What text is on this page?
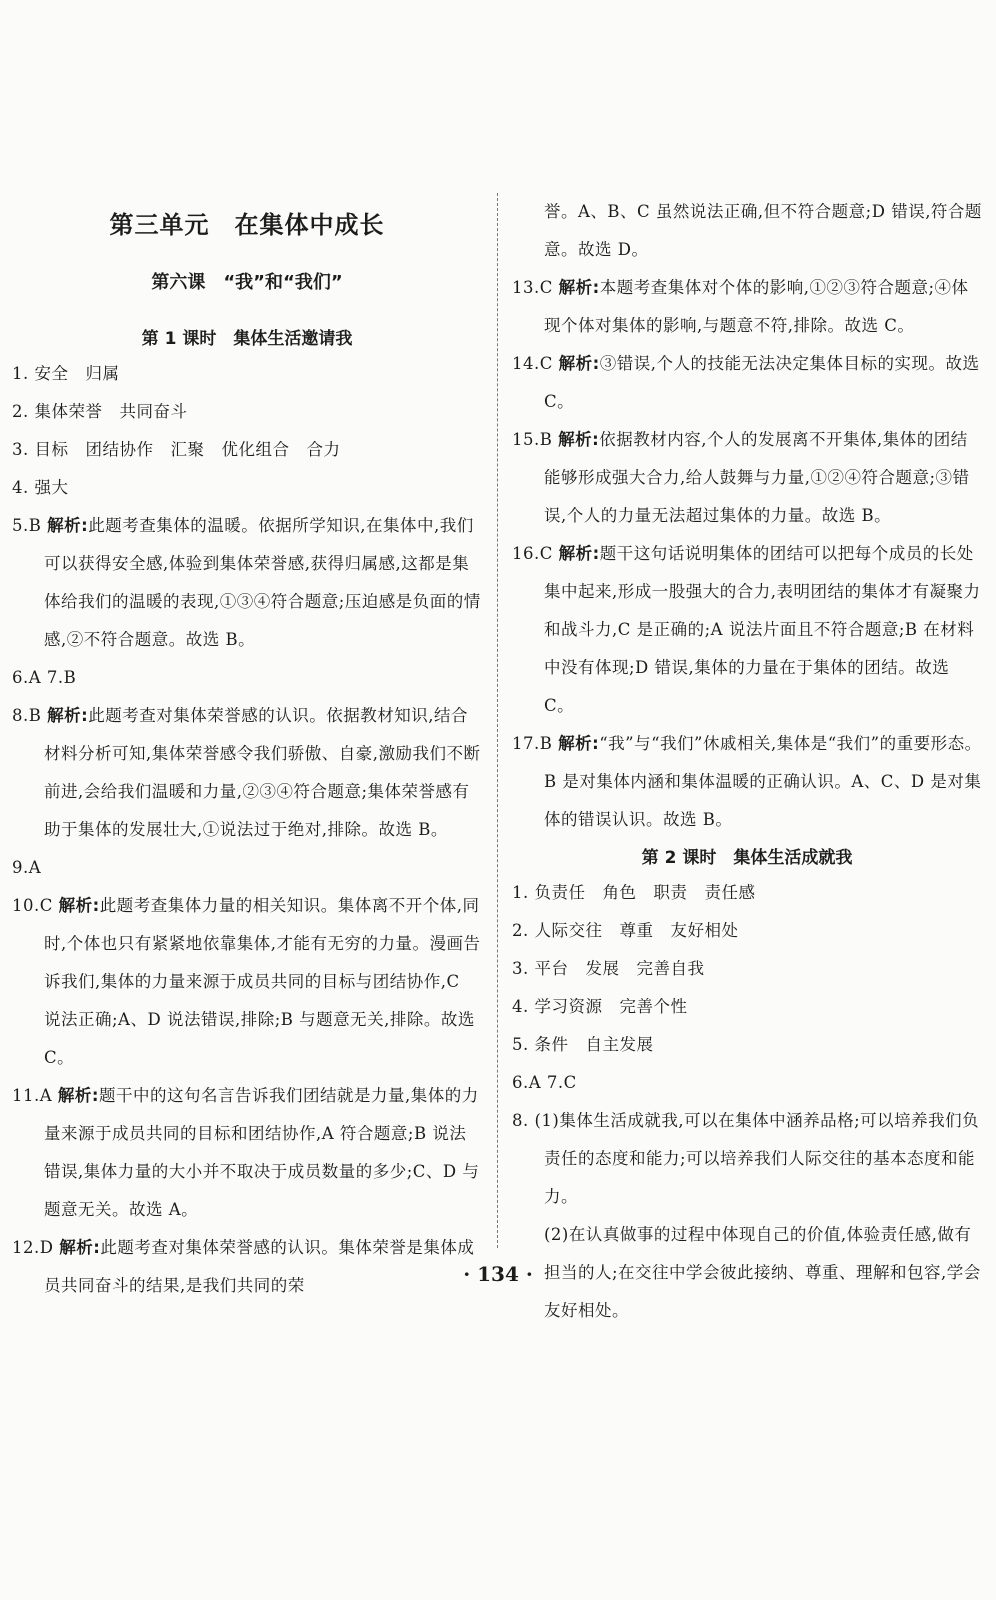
第三单元　在集体中成长
第六课　“我”和“我们”
第 1 课时　集体生活邀请我

1. 安全　归属

2. 集体荣誉　共同奋斗

3. 目标　团结协作　汇聚　优化组合　合力

4. 强大

5.B 解析:此题考查集体的温暖。依据所学知识,在集体中,我们可以获得安全感,体验到集体荣誉感,获得归属感,这都是集体给我们的温暖的表现,①③④符合题意;压迫感是负面的情感,②不符合题意。故选 B。

6.A 7.B

8.B 解析:此题考查对集体荣誉感的认识。依据教材知识,结合材料分析可知,集体荣誉感令我们骄傲、自豪,激励我们不断前进,会给我们温暖和力量,②③④符合题意;集体荣誉感有助于集体的发展壮大,①说法过于绝对,排除。故选 B。

9.A

10.C 解析:此题考查集体力量的相关知识。集体离不开个体,同时,个体也只有紧紧地依靠集体,才能有无穷的力量。漫画告诉我们,集体的力量来源于成员共同的目标与团结协作,C 说法正确;A、D 说法错误,排除;B 与题意无关,排除。故选 C。

11.A 解析:题干中的这句名言告诉我们团结就是力量,集体的力量来源于成员共同的目标和团结协作,A 符合题意;B 说法错误,集体力量的大小并不取决于成员数量的多少;C、D 与题意无关。故选 A。

12.D 解析:此题考查对集体荣誉感的认识。集体荣誉是集体成员共同奋斗的结果,是我们共同的荣

誉。A、B、C 虽然说法正确,但不符合题意;D 错误,符合题意。故选 D。

13.C 解析:本题考查集体对个体的影响,①②③符合题意;④体现个体对集体的影响,与题意不符,排除。故选 C。

14.C 解析:③错误,个人的技能无法决定集体目标的实现。故选 C。

15.B 解析:依据教材内容,个人的发展离不开集体,集体的团结能够形成强大合力,给人鼓舞与力量,①②④符合题意;③错误,个人的力量无法超过集体的力量。故选 B。

16.C 解析:题干这句话说明集体的团结可以把每个成员的长处集中起来,形成一股强大的合力,表明团结的集体才有凝聚力和战斗力,C 是正确的;A 说法片面且不符合题意;B 在材料中没有体现;D 错误,集体的力量在于集体的团结。故选 C。

17.B 解析:“我”与“我们”休戚相关,集体是“我们”的重要形态。B 是对集体内涵和集体温暖的正确认识。A、C、D 是对集体的错误认识。故选 B。

第 2 课时　集体生活成就我

1. 负责任　角色　职责　责任感

2. 人际交往　尊重　友好相处

3. 平台　发展　完善自我

4. 学习资源　完善个性

5. 条件　自主发展

6.A 7.C

8. (1)集体生活成就我,可以在集体中涵养品格;可以培养我们负责任的态度和能力;可以培养我们人际交往的基本态度和能力。

(2)在认真做事的过程中体现自己的价值,体验责任感,做有担当的人;在交往中学会彼此接纳、尊重、理解和包容,学会友好相处。

· 134 ·
